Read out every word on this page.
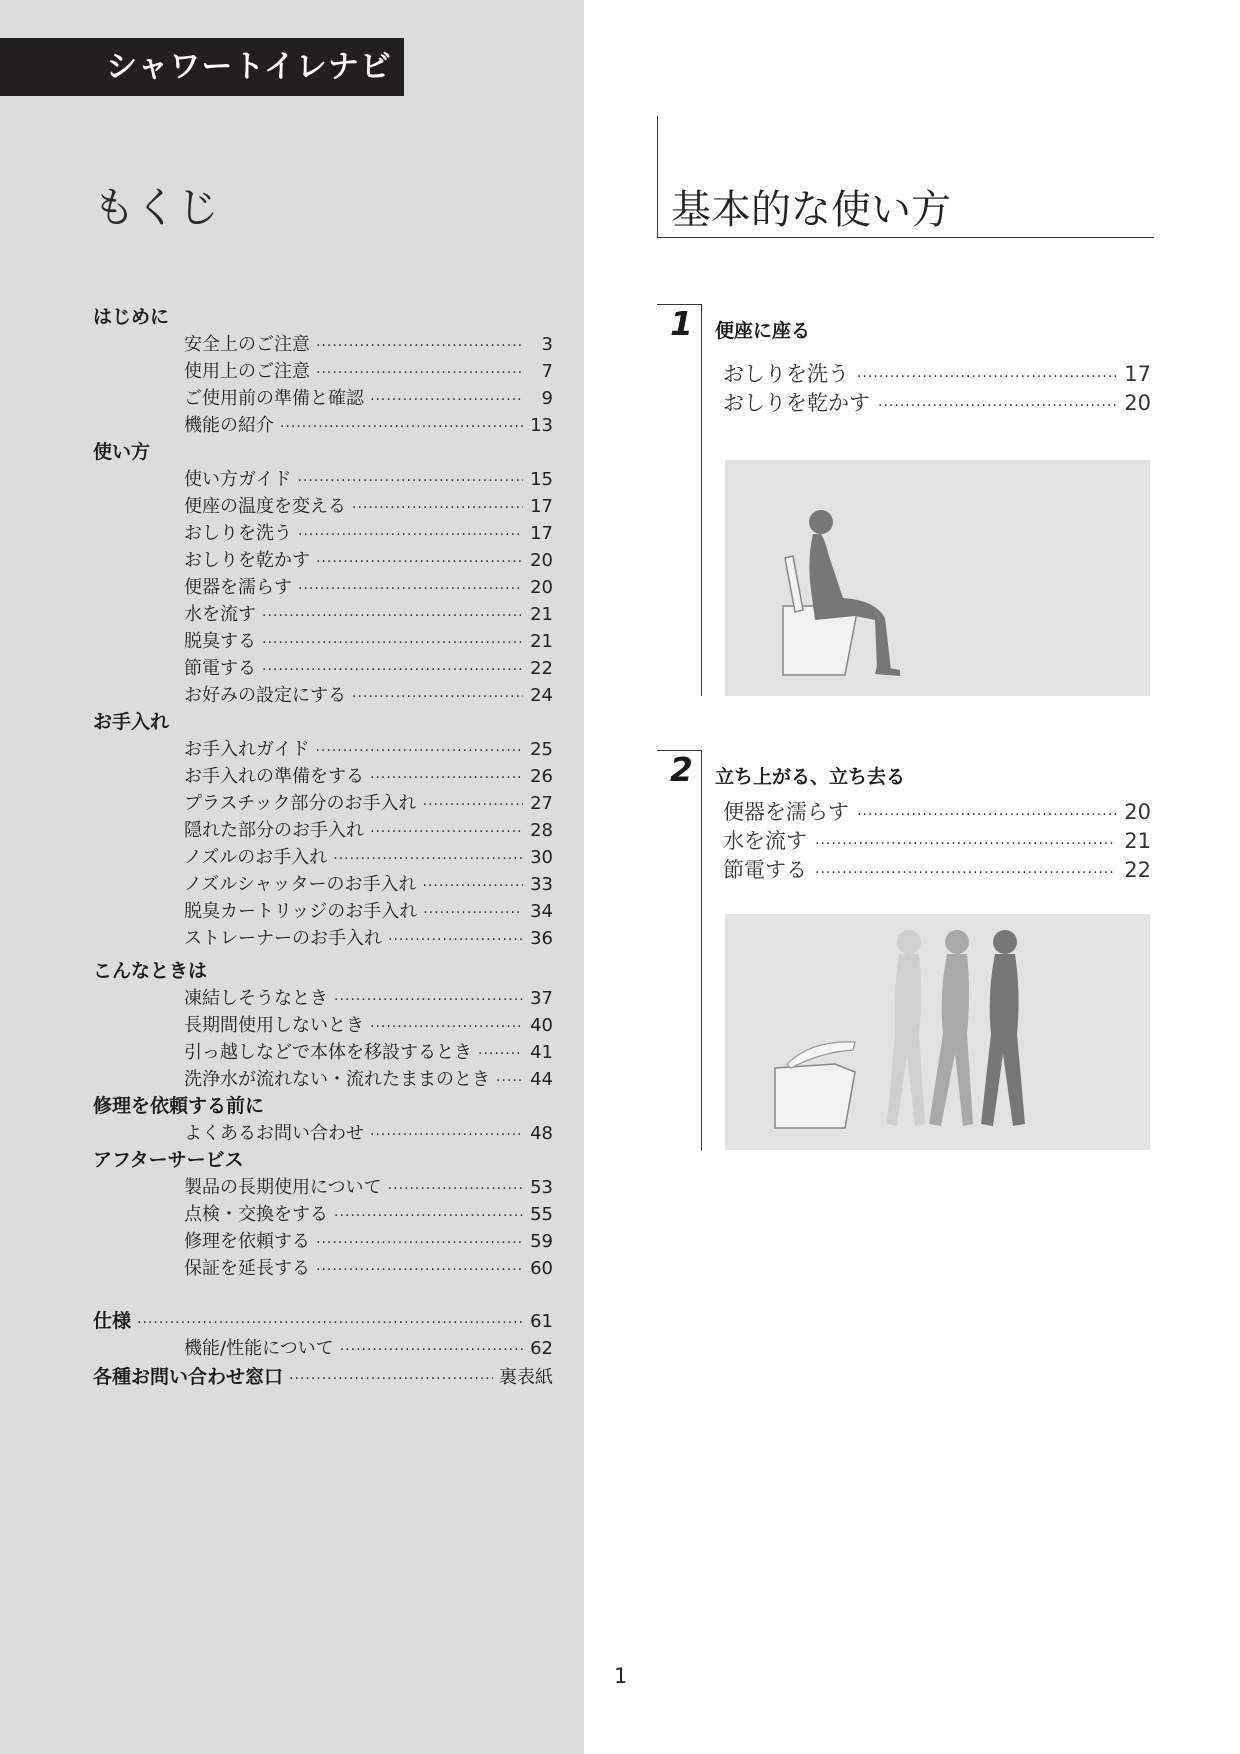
シャワートイレナビ
もくじ
はじめに
安全上のご注意 ·····	3
使用上のご注意 ·····	7
ご使用前の準備と確認 ·····	9
機能の紹介 ·····	13
使い方
使い方ガイド ·····	15
便座の温度を変える ·····	17
おしりを洗う ·····	17
おしりを乾かす ·····	20
便器を濡らす ·····	20
水を流す ·····	21
脱臭する ·····	21
節電する ·····	22
お好みの設定にする ·····	24
お手入れ
お手入れガイド ·····	25
お手入れの準備をする ·····	26
プラスチック部分のお手入れ ·····	27
隠れた部分のお手入れ ·····	28
ノズルのお手入れ ·····	30
ノズルシャッターのお手入れ ·····	33
脱臭カートリッジのお手入れ ·····	34
ストレーナーのお手入れ ·····	36
こんなときは
凍結しそうなとき ·····	37
長期間使用しないとき ·····	40
引っ越しなどで本体を移設するとき ·····	41
洗浄水が流れない・流れたままのとき ····· 44
修理を依頼する前に
よくあるお問い合わせ ·····	48
アフターサービス
製品の長期使用について ·····	53
点検・交換をする ·····	55
修理を依頼する ·····	59
保証を延長する ·····	60
仕様 ·····	61
機能/性能について ·····	62
各種お問い合わせ窓口 ·····	裏表紙
基本的な使い方
1 便座に座る
おしりを洗う ·····	17
おしりを乾かす ·····	20
2 立ち上がる、立ち去る
便器を濡らす ·····	20
水を流す ·····	21
節電する ·····	22
1
